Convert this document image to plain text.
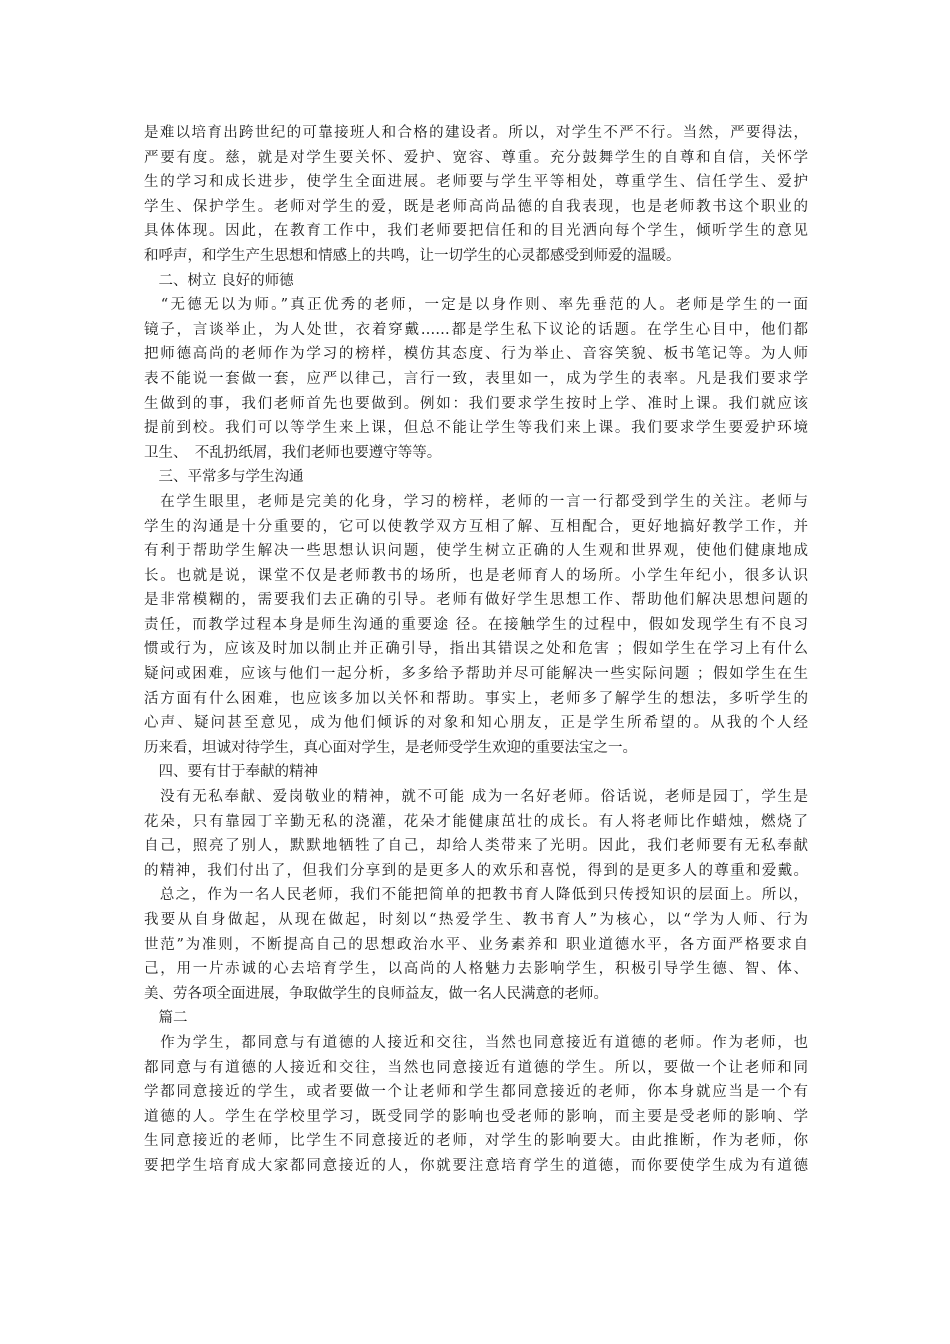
是难以培育出跨世纪的可靠接班人和合格的建设者。所以，对学生不严不行。当然，严要得法，
严要有度。慈，就是对学生要关怀、爱护、宽容、尊重。充分鼓舞学生的自尊和自信，关怀学
生的学习和成长进步，使学生全面进展。老师要与学生平等相处，尊重学生、信任学生、爱护
学生、保护学生。老师对学生的爱，既是老师高尚品德的自我表现，也是老师教书这个职业的
具体体现。因此，在教育工作中，我们老师要把信任和的目光洒向每个学生，倾听学生的意见
和呼声，和学生产生思想和情感上的共鸣，让一切学生的心灵都感受到师爱的温暖。
　二、树立 良好的师德
　“无德无以为师。”真正优秀的老师，一定是以身作则、率先垂范的人。老师是学生的一面
镜子，言谈举止，为人处世，衣着穿戴……都是学生私下议论的话题。在学生心目中，他们都
把师德高尚的老师作为学习的榜样，模仿其态度、行为举止、音容笑貌、板书笔记等。为人师
表不能说一套做一套，应严以律己，言行一致，表里如一，成为学生的表率。凡是我们要求学
生做到的事，我们老师首先也要做到。例如：我们要求学生按时上学、准时上课。我们就应该
提前到校。我们可以等学生来上课，但总不能让学生等我们来上课。我们要求学生要爱护环境
卫生、　不乱扔纸屑，我们老师也要遵守等等。
　三、平常多与学生沟通
　在学生眼里，老师是完美的化身，学习的榜样，老师的一言一行都受到学生的关注。老师与
学生的沟通是十分重要的，它可以使教学双方互相了解、互相配合，更好地搞好教学工作，并
有利于帮助学生解决一些思想认识问题，使学生树立正确的人生观和世界观，使他们健康地成
长。也就是说，课堂不仅是老师教书的场所，也是老师育人的场所。小学生年纪小，很多认识
是非常模糊的，需要我们去正确的引导。老师有做好学生思想工作、帮助他们解决思想问题的
责任，而教学过程本身是师生沟通的重要途 径。在接触学生的过程中，假如发现学生有不良习
惯或行为，应该及时加以制止并正确引导，指出其错误之处和危害 ；假如学生在学习上有什么
疑问或困难，应该与他们一起分析，多多给予帮助并尽可能解决一些实际问题 ；假如学生在生
活方面有什么困难，也应该多加以关怀和帮助。事实上，老师多了解学生的想法，多听学生的
心声、疑问甚至意见，成为他们倾诉的对象和知心朋友，正是学生所希望的。从我的个人经
历来看，坦诚对待学生，真心面对学生，是老师受学生欢迎的重要法宝之一。
　四、要有甘于奉献的精神
　没有无私奉献、爱岗敬业的精神，就不可能 成为一名好老师。俗话说，老师是园丁，学生是
花朵，只有靠园丁辛勤无私的浇灌，花朵才能健康茁壮的成长。有人将老师比作蜡烛，燃烧了
自己，照亮了别人，默默地牺牲了自己，却给人类带来了光明。因此，我们老师要有无私奉献
的精神，我们付出了，但我们分享到的是更多人的欢乐和喜悦，得到的是更多人的尊重和爱戴。
　总之，作为一名人民老师，我们不能把简单的把教书育人降低到只传授知识的层面上。所以，
我要从自身做起，从现在做起，时刻以“热爱学生、教书育人”为核心，以“学为人师、行为
世范”为准则，不断提高自己的思想政治水平、业务素养和 职业道德水平，各方面严格要求自
己，用一片赤诚的心去培育学生，以高尚的人格魅力去影响学生，积极引导学生德、智、体、
美、劳各项全面进展，争取做学生的良师益友，做一名人民满意的老师。
　篇二
　作为学生，都同意与有道德的人接近和交往，当然也同意接近有道德的老师。作为老师，也
都同意与有道德的人接近和交往，当然也同意接近有道德的学生。所以，要做一个让老师和同
学都同意接近的学生，或者要做一个让老师和学生都同意接近的老师，你本身就应当是一个有
道德的人。学生在学校里学习，既受同学的影响也受老师的影响，而主要是受老师的影响、学
生同意接近的老师，比学生不同意接近的老师，对学生的影响要大。由此推断，作为老师，你
要把学生培育成大家都同意接近的人，你就要注意培育学生的道德，而你要使学生成为有道德
